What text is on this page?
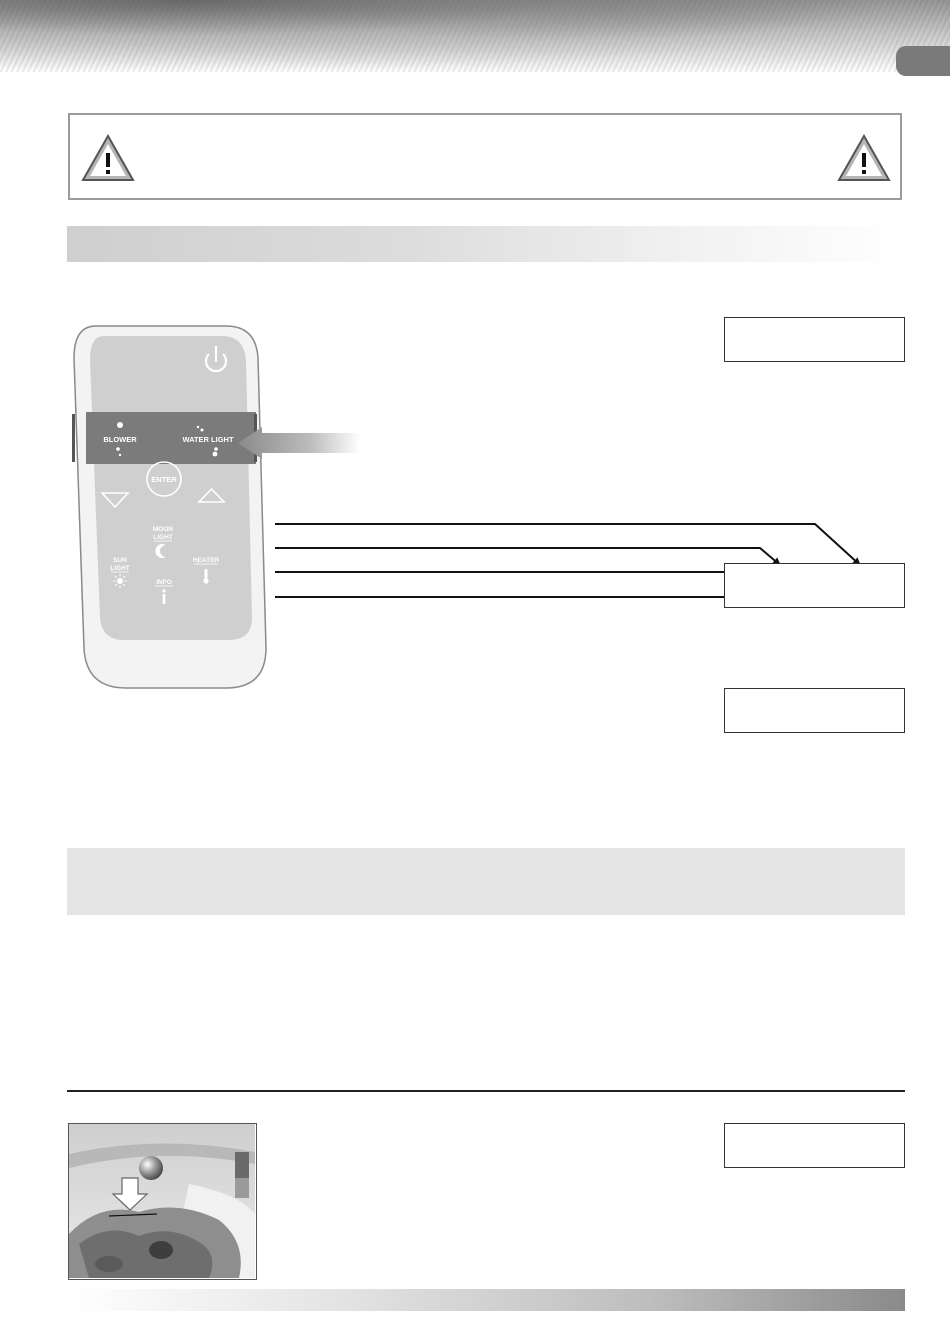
BLOWER	WATER LIGHT
ENTER
MOON
LIGHT
SUN
LIGHT
HEATER
INFO
